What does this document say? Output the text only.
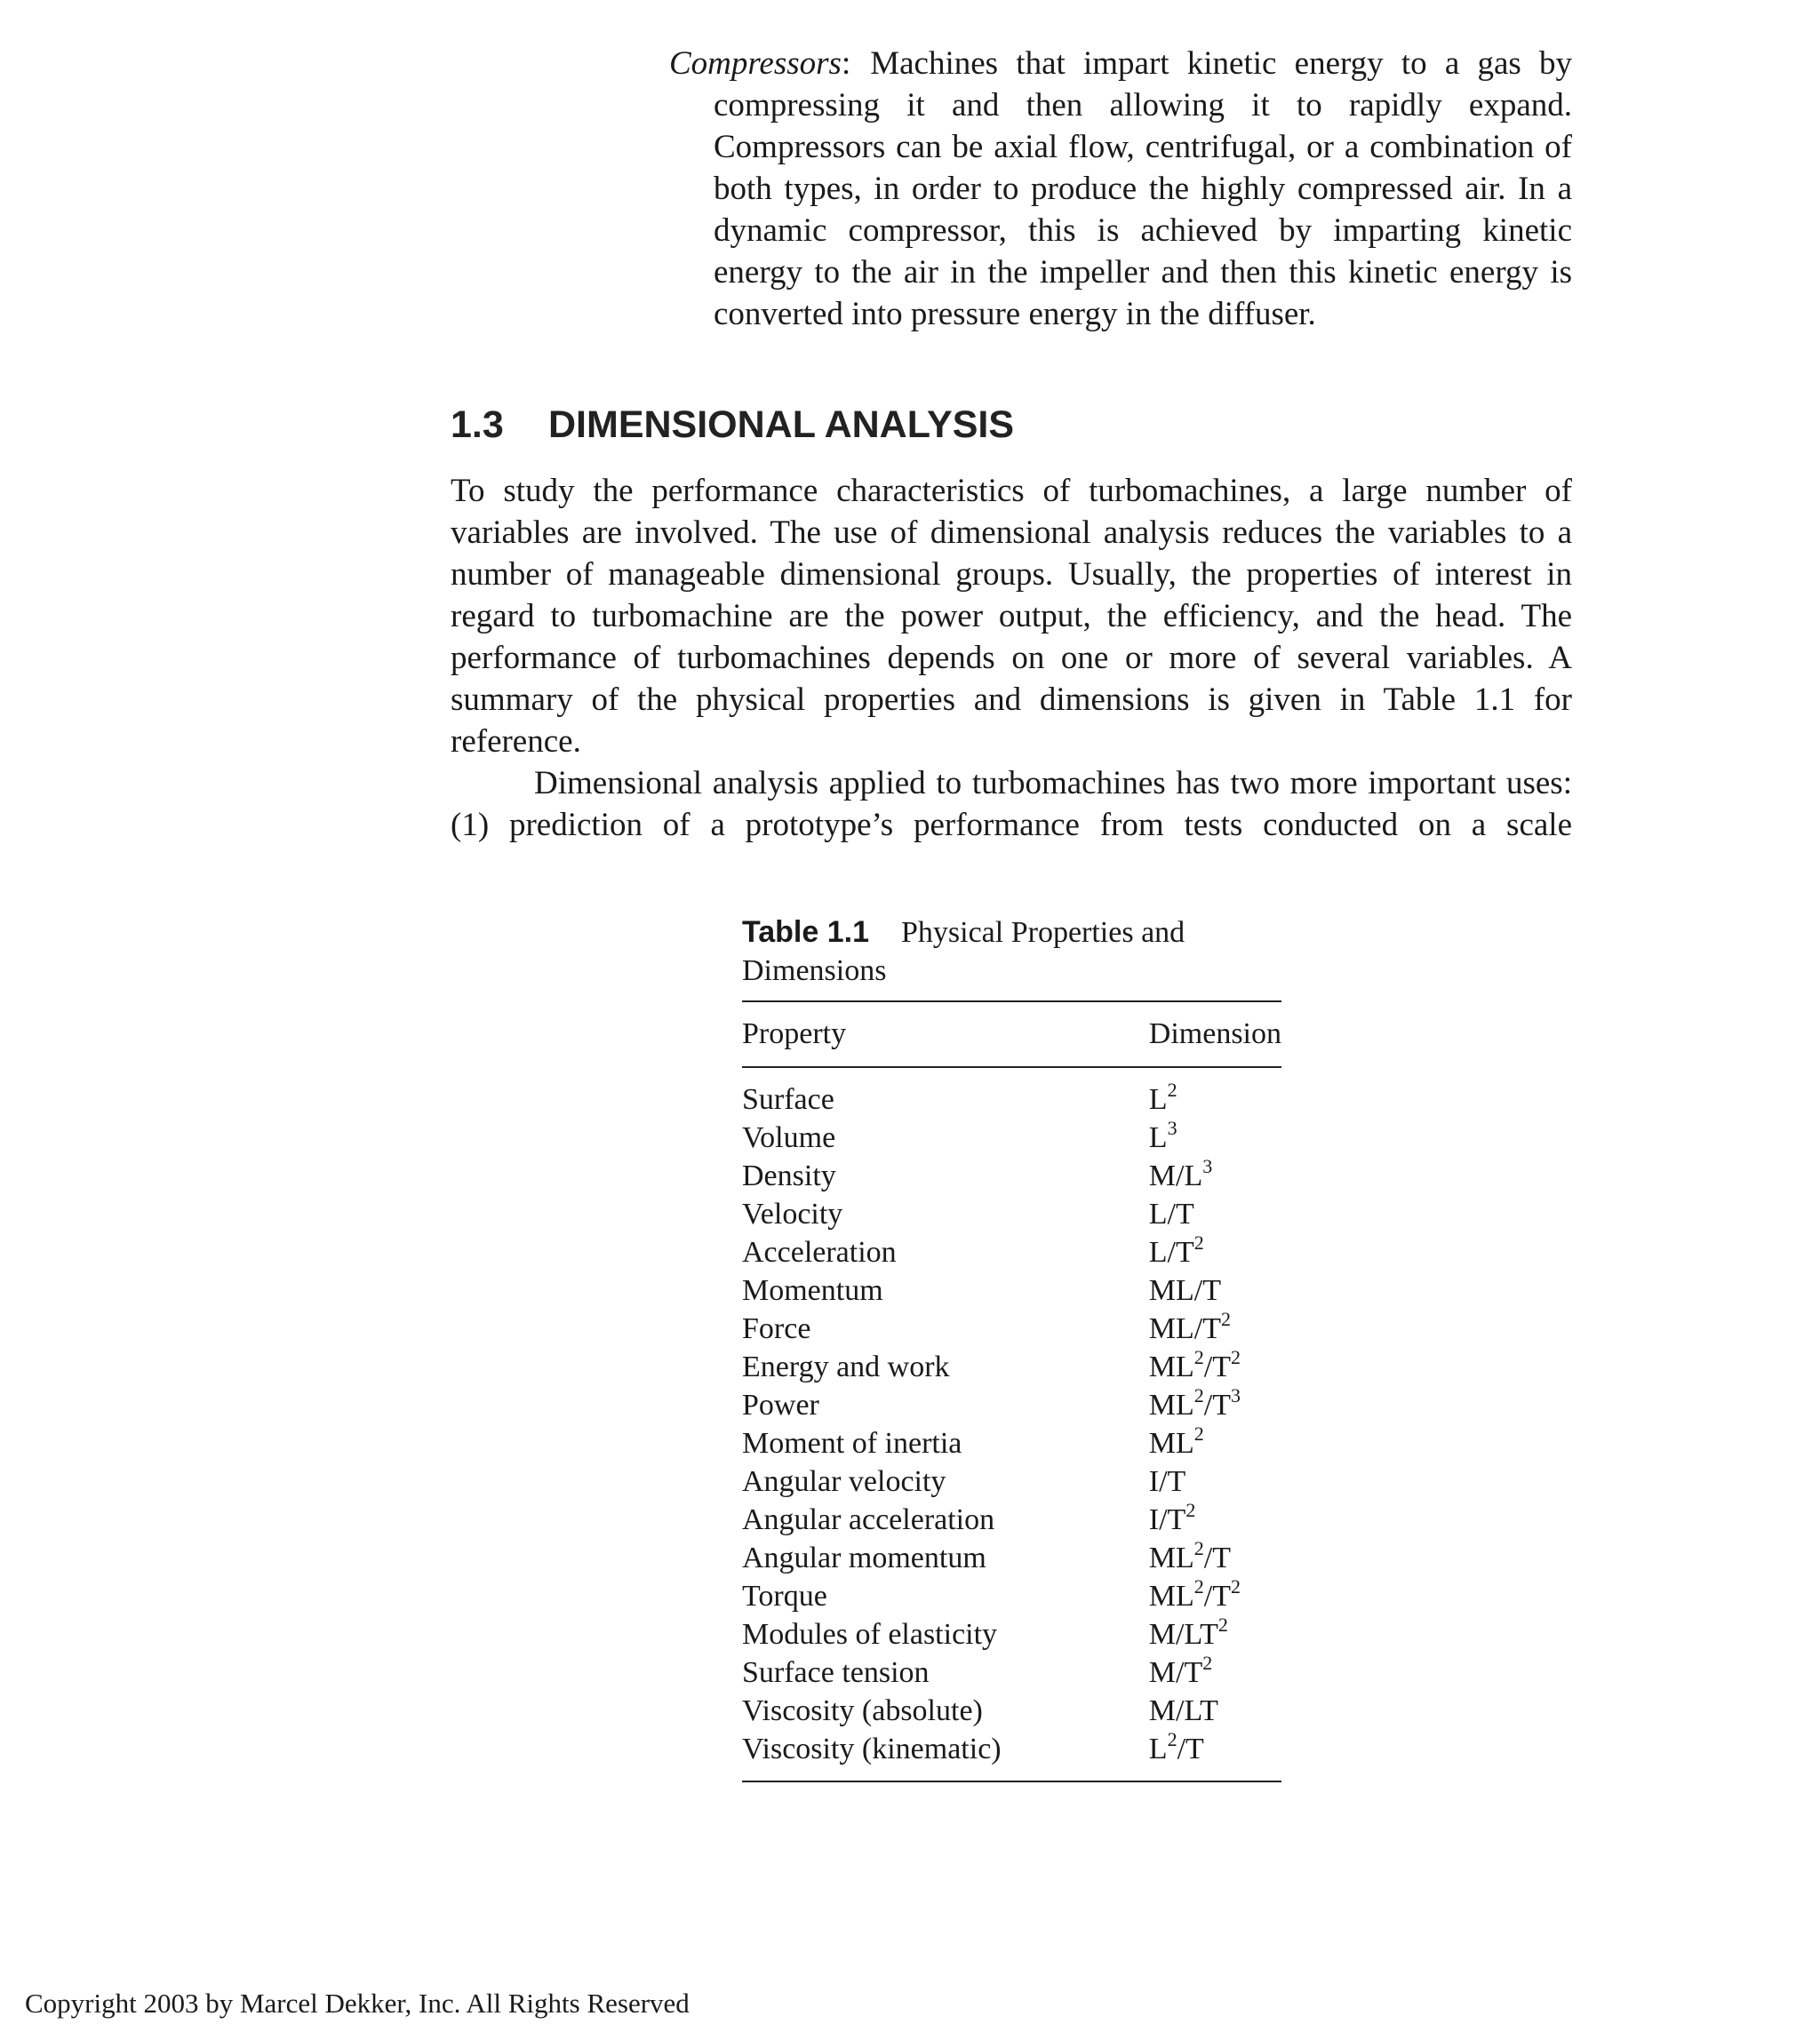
Compressors: Machines that impart kinetic energy to a gas by compressing it and then allowing it to rapidly expand. Compressors can be axial flow, centrifugal, or a combination of both types, in order to produce the highly compressed air. In a dynamic compressor, this is achieved by imparting kinetic energy to the air in the impeller and then this kinetic energy is converted into pressure energy in the diffuser.
1.3 DIMENSIONAL ANALYSIS

To study the performance characteristics of turbomachines, a large number of variables are involved. The use of dimensional analysis reduces the variables to a number of manageable dimensional groups. Usually, the properties of interest in regard to turbomachine are the power output, the efficiency, and the head. The performance of turbomachines depends on one or more of several variables. A summary of the physical properties and dimensions is given in Table 1.1 for reference.

Dimensional analysis applied to turbomachines has two more important uses: (1) prediction of a prototype’s performance from tests conducted on a scale

Table 1.1 Physical Properties and Dimensions
Property	Dimension
Surface	$L^2$
Volume	$L^3$
Density	$M/L^3$
Velocity	L/T
Acceleration	$L/T^2$
Momentum	ML/T
Force	$ML/T^2$
Energy and work	$ML^2/T^2$
Power	$ML^2/T^3$
Moment of inertia	$ML^2$
Angular velocity	I/T
Angular acceleration	$I/T^2$
Angular momentum	$ML^2/T$
Torque	$ML^2/T^2$
Modules of elasticity	$M/LT^2$
Surface tension	$M/T^2$
Viscosity (absolute)	M/LT
Viscosity (kinematic)	$L^2/T$
Copyright 2003 by Marcel Dekker, Inc. All Rights Reserved
